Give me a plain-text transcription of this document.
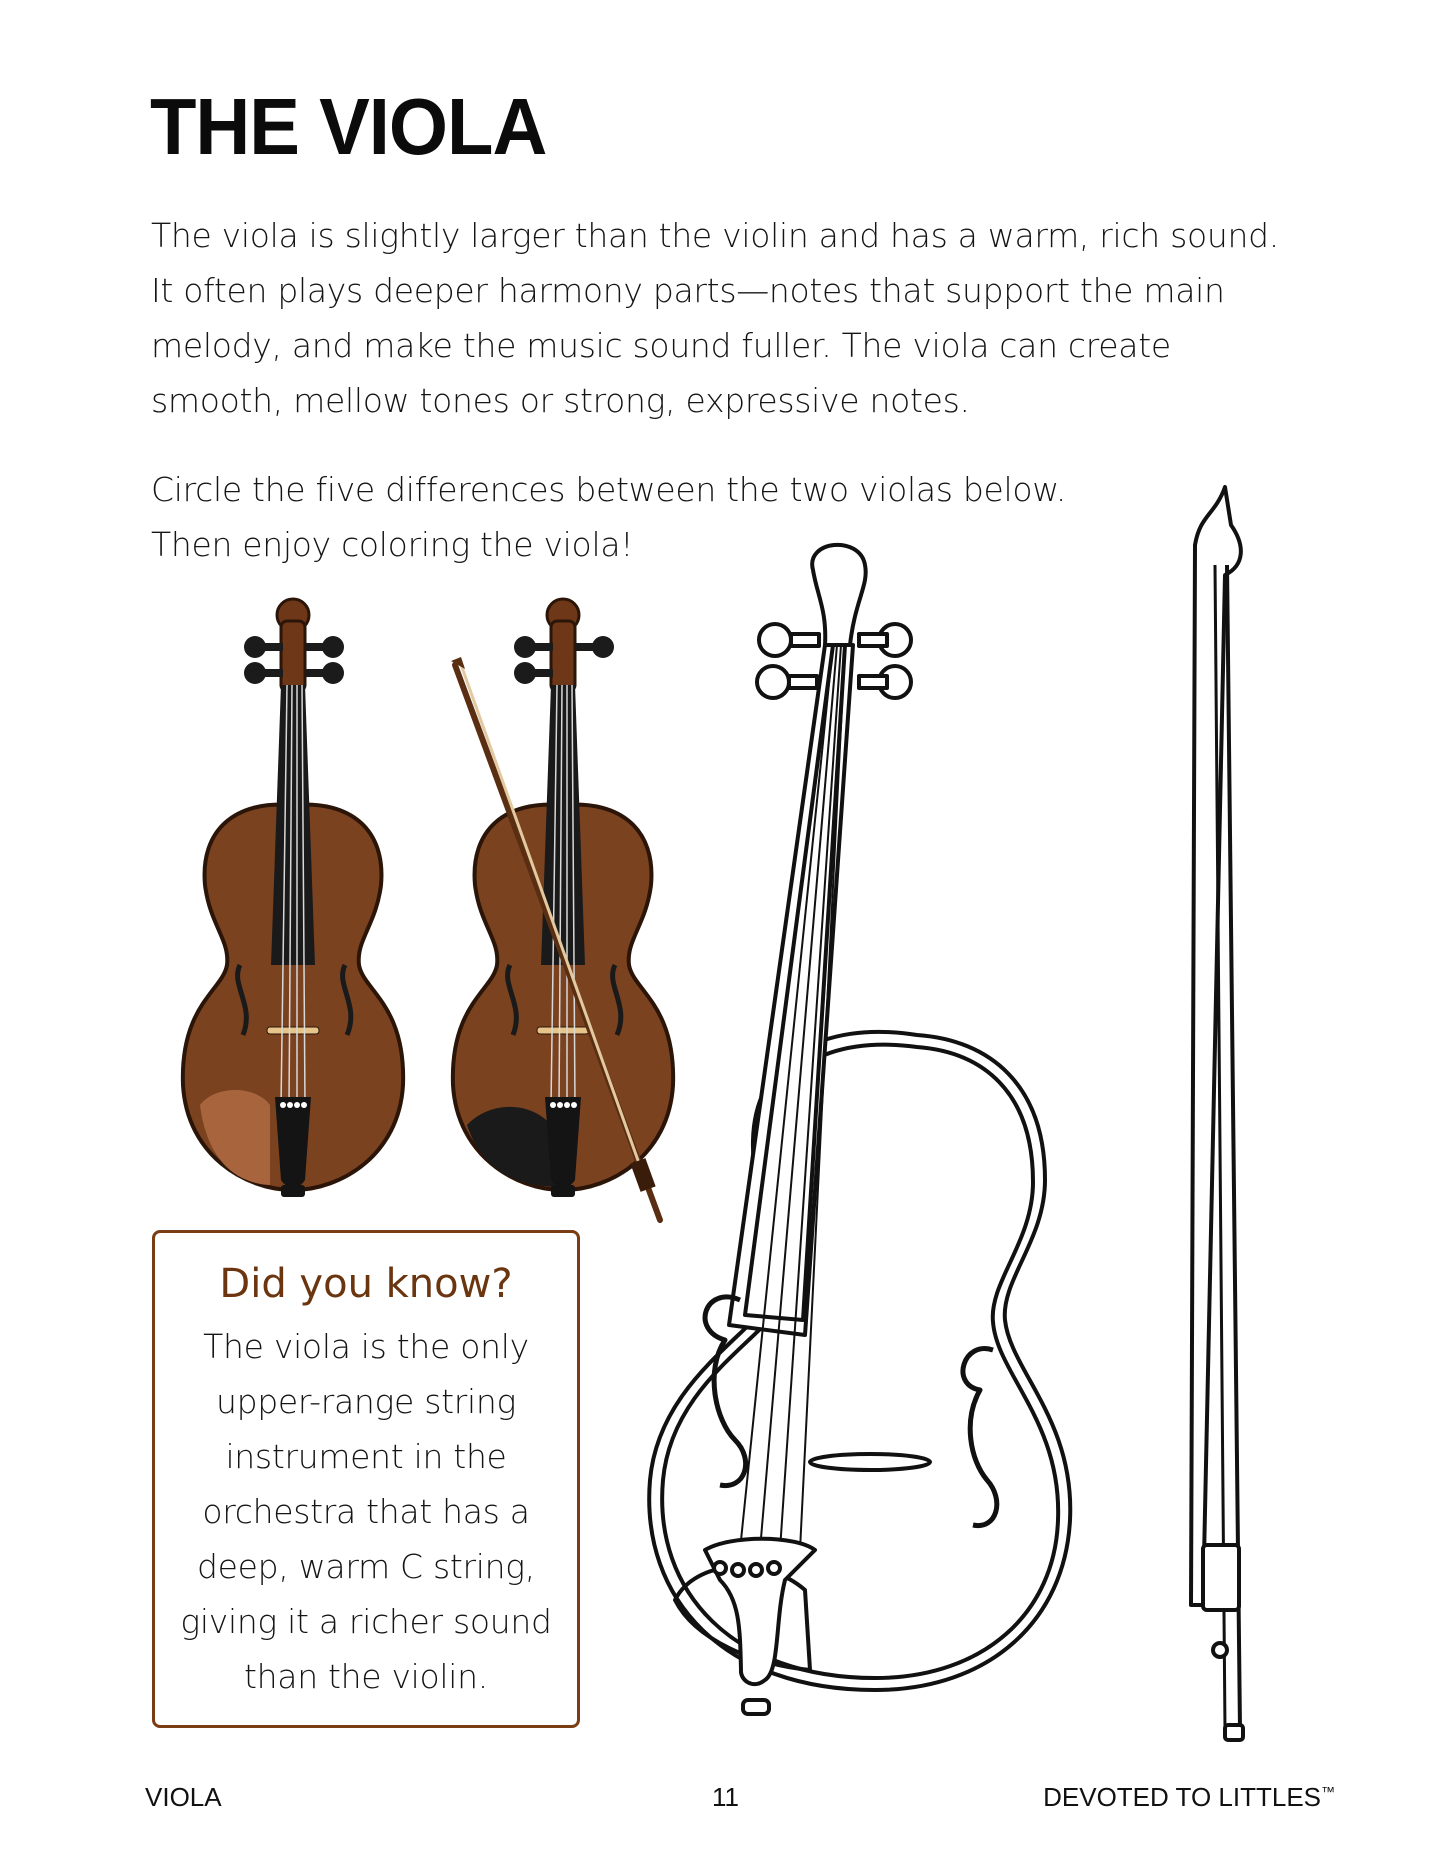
THE VIOLA

The viola is slightly larger than the violin and has a warm, rich sound. It often plays deeper harmony parts—notes that support the main melody, and make the music sound fuller. The viola can create smooth, mellow tones or strong, expressive notes.

Circle the five differences between the two violas below. Then enjoy coloring the viola!

Did you know?

The viola is the only upper-range string instrument in the orchestra that has a deep, warm C string, giving it a richer sound than the violin.

VIOLA	11	DEVOTED TO LITTLES™
